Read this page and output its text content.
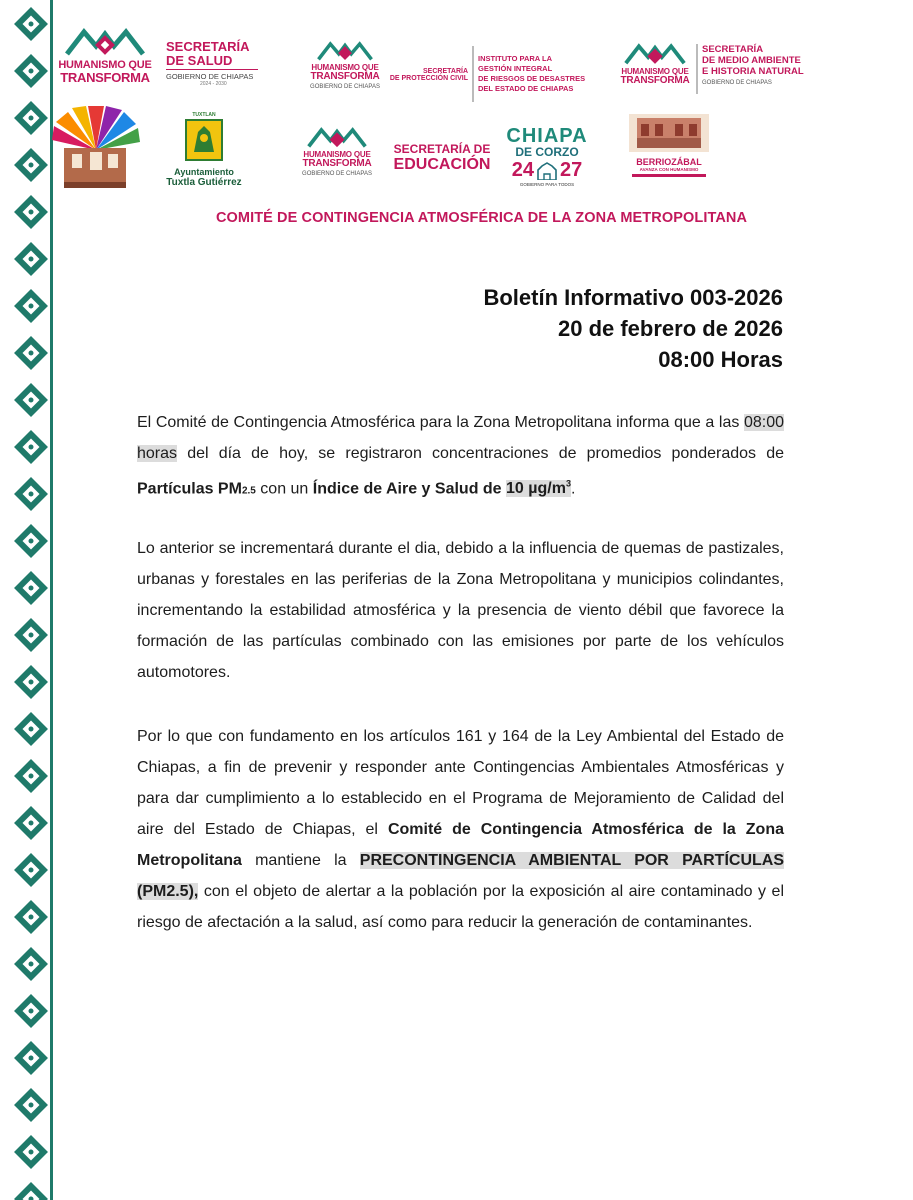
HUMANISMO QUE
TRANSFORMA
SECRETARÍA
DE SALUD
GOBIERNO DE CHIAPAS
2024 - 2030
HUMANISMO QUE
TRANSFORMA
GOBIERNO DE CHIAPAS
SECRETARÍA
DE PROTECCIÓN CIVIL
INSTITUTO PARA LA
GESTIÓN INTEGRAL
DE RIESGOS DE DESASTRES
DEL ESTADO DE CHIAPAS
HUMANISMO QUE
TRANSFORMA
SECRETARÍA
DE MEDIO AMBIENTE
E HISTORIA NATURAL
GOBIERNO DE CHIAPAS
TUXTLAN
Ayuntamiento
Tuxtla Gutiérrez
HUMANISMO QUE
TRANSFORMA
GOBIERNO DE CHIAPAS
SECRETARÍA DE
EDUCACIÓN
CHIAPA
DE CORZO
24 27
GOBIERNO PARA TODOS
BERRIOZÁBAL
AVANZA CON HUMANISMO
COMITÉ DE CONTINGENCIA ATMOSFÉRICA DE LA ZONA METROPOLITANA
Boletín Informativo 003-2026
20 de febrero de 2026
08:00 Horas
El Comité de Contingencia Atmosférica para la Zona Metropolitana informa que a las 08:00 horas del día de hoy, se registraron concentraciones de promedios ponderados de Partículas PM2.5 con un Índice de Aire y Salud de 10 $\mu g/m^3$.
Lo anterior se incrementará durante el dia, debido a la influencia de quemas de pastizales, urbanas y forestales en las periferias de la Zona Metropolitana y municipios colindantes, incrementando la estabilidad atmosférica y la presencia de viento débil que favorece la formación de las partículas combinado con las emisiones por parte de los vehículos automotores.
Por lo que con fundamento en los artículos 161 y 164 de la Ley Ambiental del Estado de Chiapas, a fin de prevenir y responder ante Contingencias Ambientales Atmosféricas y para dar cumplimiento a lo establecido en el Programa de Mejoramiento de Calidad del aire del Estado de Chiapas, el Comité de Contingencia Atmosférica de la Zona Metropolitana mantiene la PRECONTINGENCIA AMBIENTAL POR PARTÍCULAS (PM2.5), con el objeto de alertar a la población por la exposición al aire contaminado y el riesgo de afectación a la salud, así como para reducir la generación de contaminantes.
